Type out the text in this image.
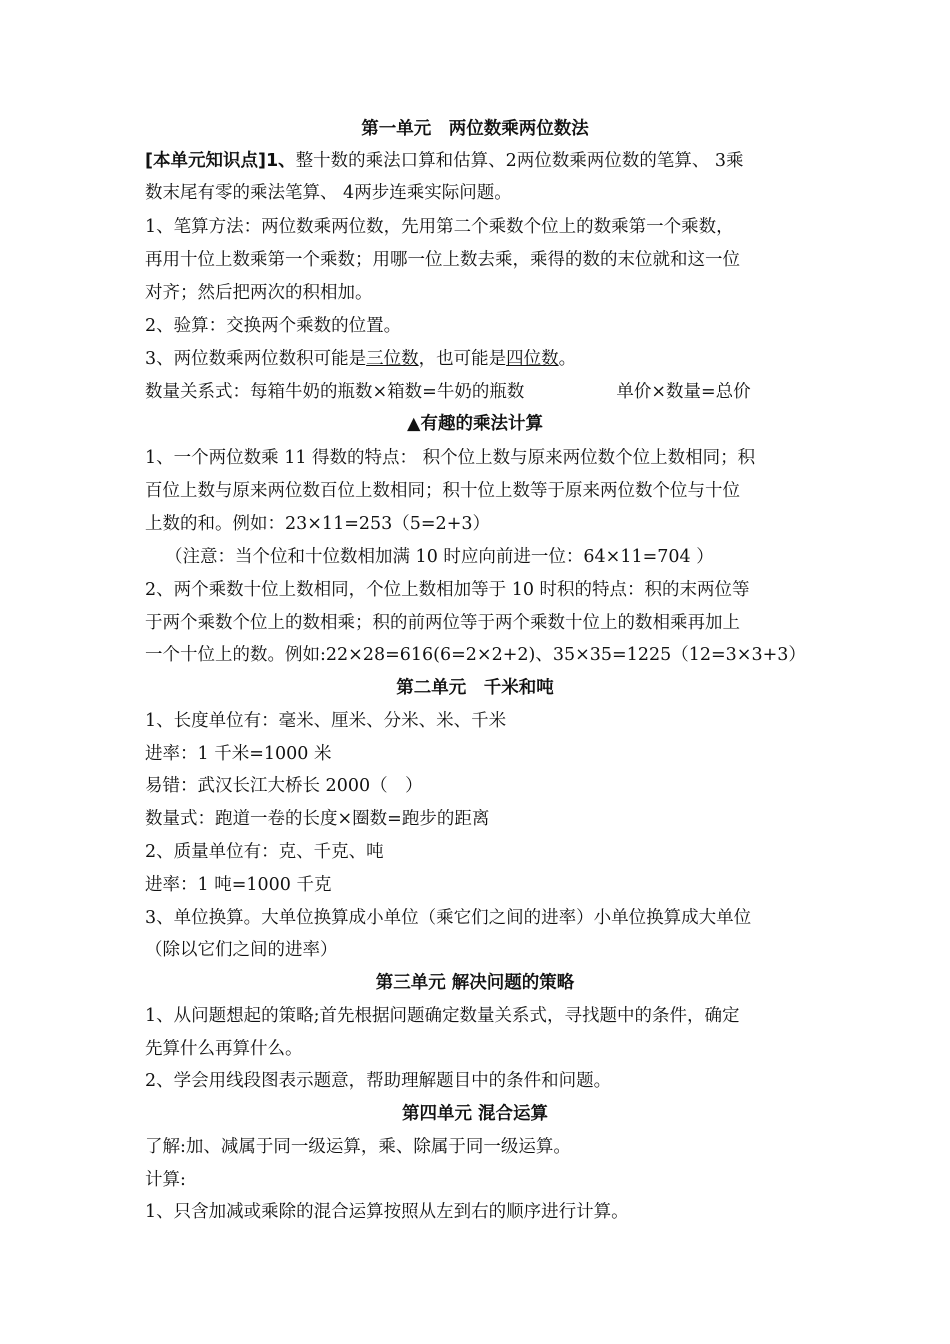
第一单元　两位数乘两位数法
[本单元知识点]1、整十数的乘法口算和估算、2两位数乘两位数的笔算、 3乘
数末尾有零的乘法笔算、 4两步连乘实际问题。
1、笔算方法：两位数乘两位数，先用第二个乘数个位上的数乘第一个乘数，
再用十位上数乘第一个乘数；用哪一位上数去乘，乘得的数的末位就和这一位
对齐；然后把两次的积相加。
2、验算：交换两个乘数的位置。
3、两位数乘两位数积可能是三位数，也可能是四位数。
数量关系式：每箱牛奶的瓶数×箱数=牛奶的瓶数	单价×数量=总价
▲有趣的乘法计算
1、一个两位数乘 11 得数的特点： 积个位上数与原来两位数个位上数相同；积
百位上数与原来两位数百位上数相同；积十位上数等于原来两位数个位与十位
上数的和。例如：23×11=253（5=2+3）
（注意：当个位和十位数相加满 10 时应向前进一位：64×11=704 ）
2、两个乘数十位上数相同，个位上数相加等于 10 时积的特点：积的末两位等
于两个乘数个位上的数相乘；积的前两位等于两个乘数十位上的数相乘再加上
一个十位上的数。例如:22×28=616(6=2×2+2)、35×35=1225（12=3×3+3）
第二单元　千米和吨
1、长度单位有：毫米、厘米、分米、米、千米
进率：1 千米=1000 米
易错：武汉长江大桥长 2000（　）
数量式：跑道一卷的长度×圈数=跑步的距离
2、质量单位有：克、千克、吨
进率：1 吨=1000 千克
3、单位换算。大单位换算成小单位（乘它们之间的进率）小单位换算成大单位
（除以它们之间的进率）
第三单元 解决问题的策略
1、从问题想起的策略;首先根据问题确定数量关系式，寻找题中的条件，确定
先算什么再算什么。
2、学会用线段图表示题意，帮助理解题目中的条件和问题。
第四单元 混合运算
了解:加、减属于同一级运算，乘、除属于同一级运算。
计算:
1、只含加减或乘除的混合运算按照从左到右的顺序进行计算。
